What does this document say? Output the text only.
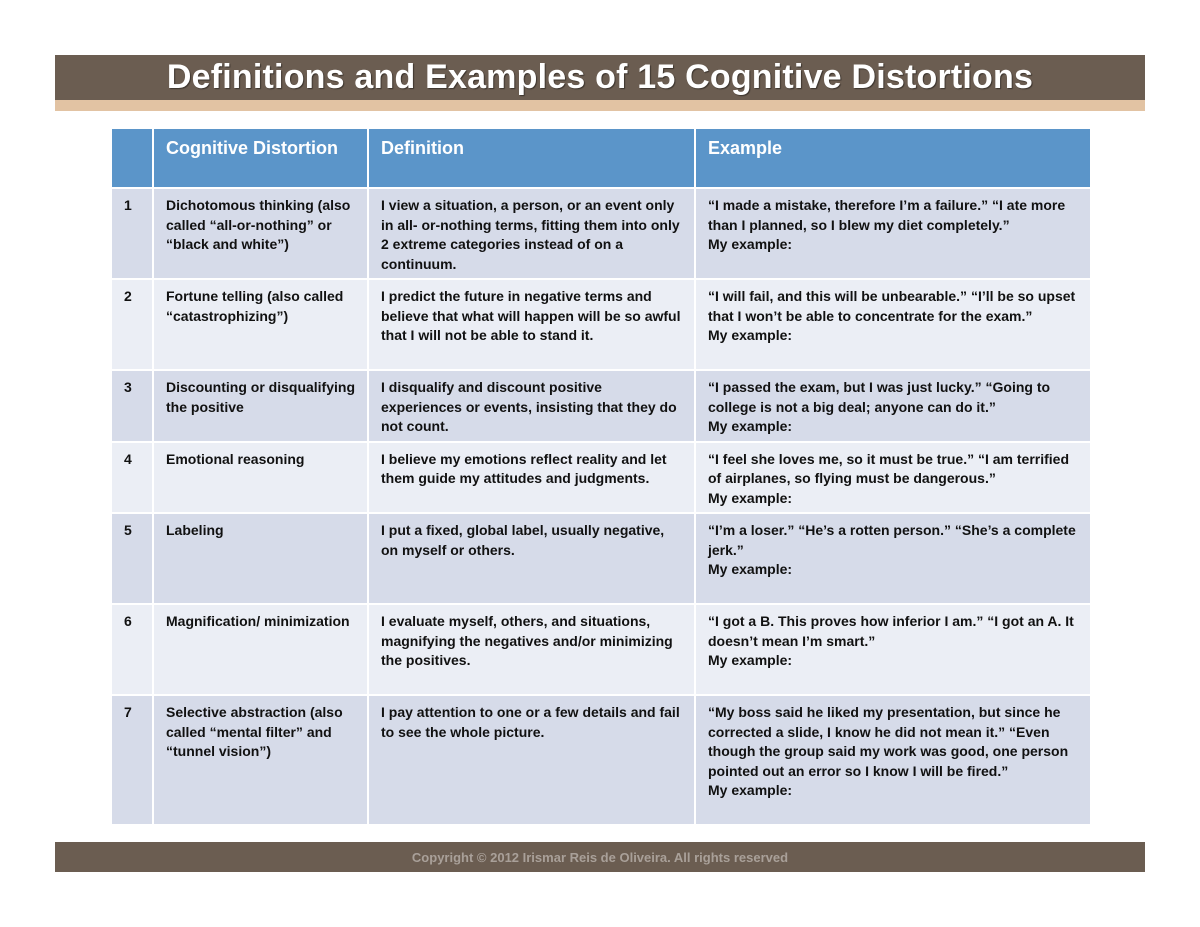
Definitions and Examples of 15 Cognitive Distortions
	Cognitive Distortion	Definition	Example
1	Dichotomous thinking (also called “all-or-nothing” or “black and white”)	I view a situation, a person, or an event only in all- or-nothing terms, fitting them into only 2 extreme categories instead of on a continuum.	“I made a mistake, therefore I’m a failure.” “I ate more than I planned, so I blew my diet completely.”
My example:

2	Fortune telling (also called “catastrophizing”)	I predict the future in negative terms and believe that what will happen will be so awful that I will not be able to stand it.	“I will fail, and this will be unbearable.” “I’ll be so upset that I won’t be able to concentrate for the exam.”
My example:

3	Discounting or disqualifying the positive	I disqualify and discount positive experiences or events, insisting that they do not count.	“I passed the exam, but I was just lucky.” “Going to college is not a big deal; anyone can do it.”
My example:

4	Emotional reasoning	I believe my emotions reflect reality and let them guide my attitudes and judgments.	“I feel she loves me, so it must be true.” “I am terrified of airplanes, so flying must be dangerous.”
My example:

5	Labeling	I put a fixed, global label, usually negative, on myself or others.	“I’m a loser.” “He’s a rotten person.” “She’s a complete jerk.”
My example:

6	Magnification/ minimization	I evaluate myself, others, and situations, magnifying the negatives and/or minimizing the positives.	“I got a B. This proves how inferior I am.” “I got an A. It doesn’t mean I’m smart.”
My example:

7	Selective abstraction (also called “mental filter” and “tunnel vision”)	I pay attention to one or a few details and fail to see the whole picture.	“My boss said he liked my presentation, but since he corrected a slide, I know he did not mean it.” “Even though the group said my work was good, one person pointed out an error so I know I will be fired.”
My example:
Copyright © 2012 Irismar Reis de Oliveira. All rights reserved
